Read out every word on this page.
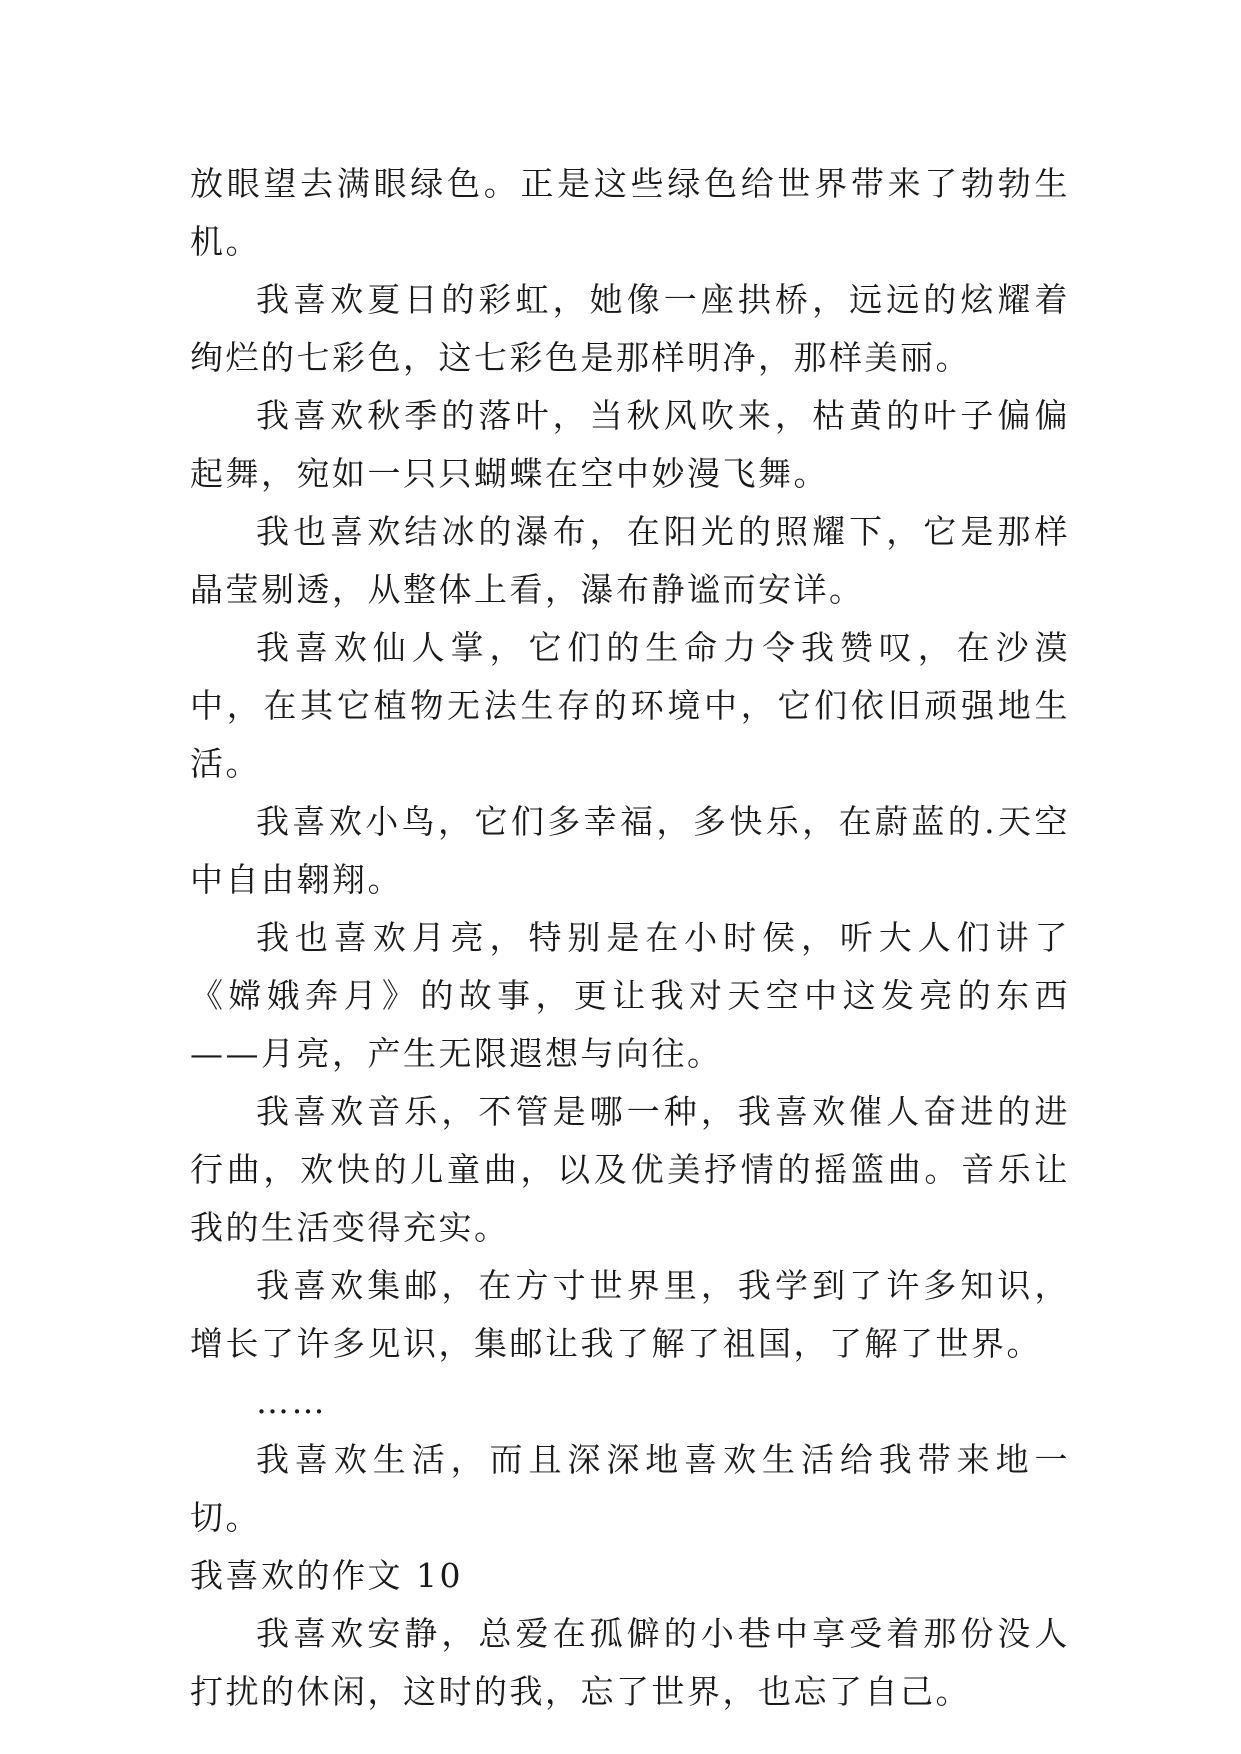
放眼望去满眼绿色。正是这些绿色给世界带来了勃勃生机。

我喜欢夏日的彩虹，她像一座拱桥，远远的炫耀着绚烂的七彩色，这七彩色是那样明净，那样美丽。

我喜欢秋季的落叶，当秋风吹来，枯黄的叶子偏偏起舞，宛如一只只蝴蝶在空中妙漫飞舞。

我也喜欢结冰的瀑布，在阳光的照耀下，它是那样晶莹剔透，从整体上看，瀑布静谧而安详。

我喜欢仙人掌，它们的生命力令我赞叹，在沙漠中，在其它植物无法生存的环境中，它们依旧顽强地生活。

我喜欢小鸟，它们多幸福，多快乐，在蔚蓝的.天空中自由翱翔。

我也喜欢月亮，特别是在小时侯，听大人们讲了《嫦娥奔月》的故事，更让我对天空中这发亮的东西——月亮，产生无限遐想与向往。

我喜欢音乐，不管是哪一种，我喜欢催人奋进的进行曲，欢快的儿童曲，以及优美抒情的摇篮曲。音乐让我的生活变得充实。

我喜欢集邮，在方寸世界里，我学到了许多知识，增长了许多见识，集邮让我了解了祖国，了解了世界。

……

我喜欢生活，而且深深地喜欢生活给我带来地一切。

我喜欢的作文 10

我喜欢安静，总爱在孤僻的小巷中享受着那份没人打扰的休闲，这时的我，忘了世界，也忘了自己。
